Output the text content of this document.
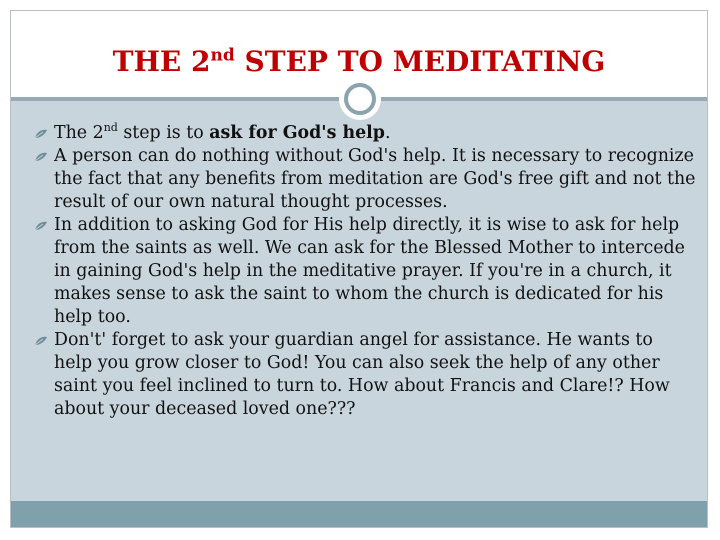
THE 2nd STEP TO MEDITATING
The 2nd step is to ask for God's help.
A person can do nothing without God's help. It is necessary to recognize the fact that any benefits from meditation are God's free gift and not the result of our own natural thought processes.
In addition to asking God for His help directly, it is wise to ask for help from the saints as well. We can ask for the Blessed Mother to intercede in gaining God's help in the meditative prayer. If you're in a church, it makes sense to ask the saint to whom the church is dedicated for his help too.
Don't' forget to ask your guardian angel for assistance. He wants to help you grow closer to God! You can also seek the help of any other saint you feel inclined to turn to. How about Francis and Clare!? How about your deceased loved one???
